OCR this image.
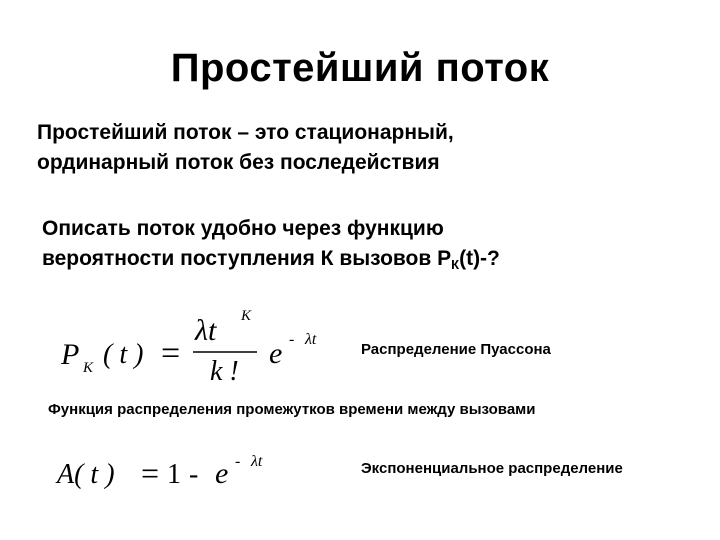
Простейший поток
Простейший поток – это стационарный,
ординарный поток без последействия
Описать поток удобно через функцию
вероятности поступления К вызовов $Р_К(t)-$?
P K ( t ) =
λt K
k !
e - λt
Распределение Пуассона
Функция распределения промежутков времени между вызовами
A( t ) = 1 - e - λt	Экспоненциальное распределение
